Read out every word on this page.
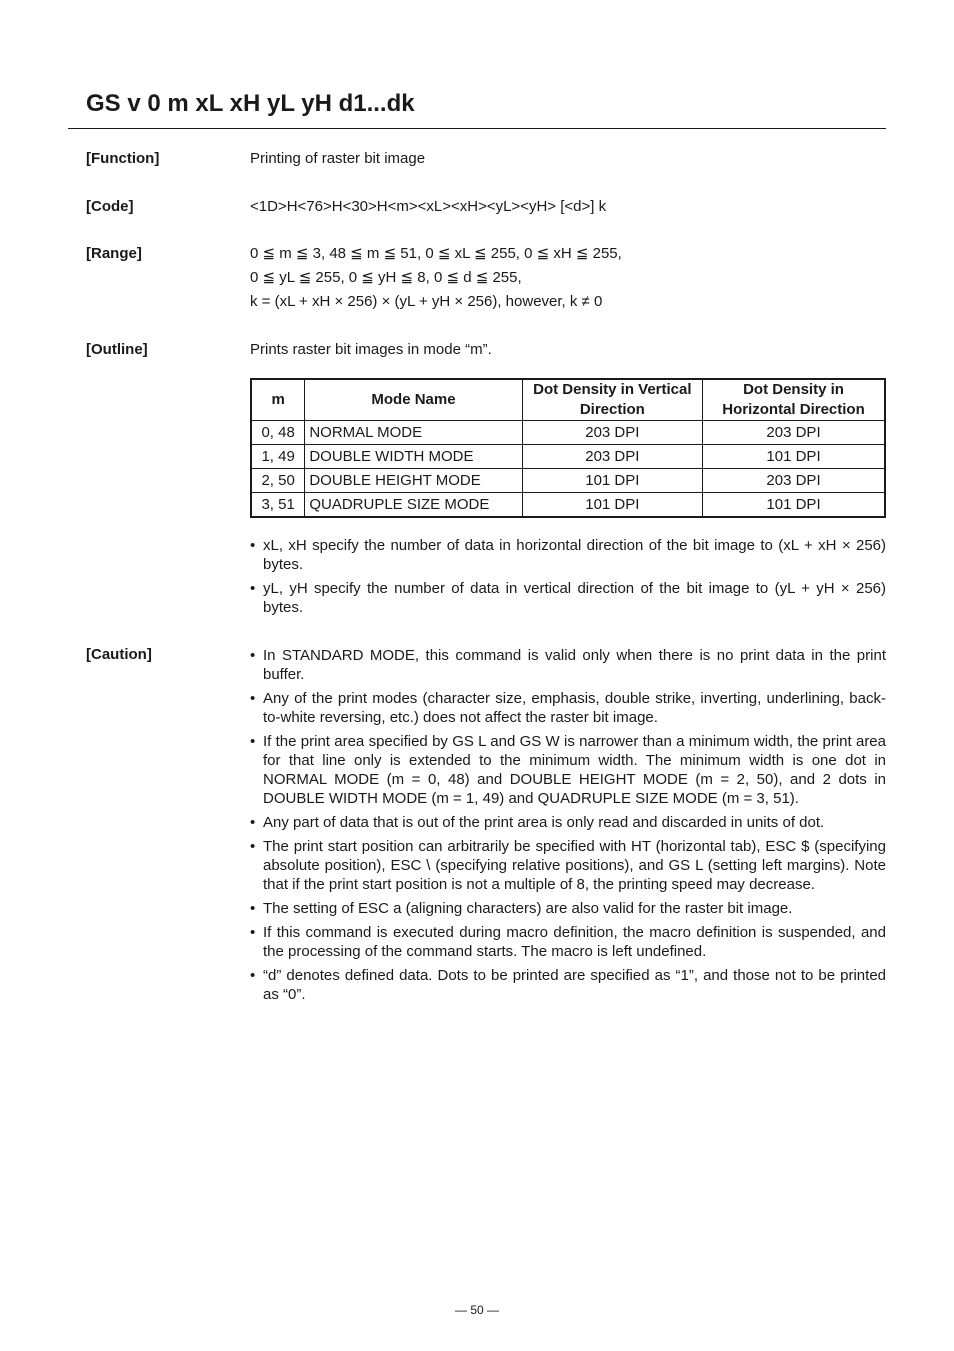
GS v 0 m xL xH yL yH d1...dk
[Function]	Printing of raster bit image
[Code]	<1D>H<76>H<30>H<m><xL><xH><yL><yH> [<d>] k
[Range]	0 ≦ m ≦ 3, 48 ≦ m ≦ 51, 0 ≦ xL ≦ 255, 0 ≦ xH ≦ 255,
0 ≦ yL ≦ 255, 0 ≦ yH ≦ 8, 0 ≦ d ≦ 255,
k = (xL + xH × 256) × (yL + yH × 256), however, k ≠ 0
[Outline]	Prints raster bit images in mode “m”.
m	Mode Name	Dot Density in Vertical Direction	Dot Density in Horizontal Direction
0, 48	NORMAL MODE	203 DPI	203 DPI
1, 49	DOUBLE WIDTH MODE	203 DPI	101 DPI
2, 50	DOUBLE HEIGHT MODE	101 DPI	203 DPI
3, 51	QUADRUPLE SIZE MODE	101 DPI	101 DPI
• xL, xH specify the number of data in horizontal direction of the bit image to (xL + xH × 256) bytes.
• yL, yH specify the number of data in vertical direction of the bit image to (yL + yH × 256) bytes.
[Caution]	• In STANDARD MODE, this command is valid only when there is no print data in the print buffer.
• Any of the print modes (character size, emphasis, double strike, inverting, underlining, back-to-white reversing, etc.) does not affect the raster bit image.
• If the print area specified by GS L and GS W is narrower than a minimum width, the print area for that line only is extended to the minimum width. The minimum width is one dot in NORMAL MODE (m = 0, 48) and DOUBLE HEIGHT MODE (m = 2, 50), and 2 dots in DOUBLE WIDTH MODE (m = 1, 49) and QUADRUPLE SIZE MODE (m = 3, 51).
• Any part of data that is out of the print area is only read and discarded in units of dot.
• The print start position can arbitrarily be specified with HT (horizontal tab), ESC $ (specifying absolute position), ESC \ (specifying relative positions), and GS L (setting left margins). Note that if the print start position is not a multiple of 8, the printing speed may decrease.
• The setting of ESC a (aligning characters) are also valid for the raster bit image.
• If this command is executed during macro definition, the macro definition is suspended, and the processing of the command starts. The macro is left undefined.
• “d” denotes defined data. Dots to be printed are specified as “1”, and those not to be printed as “0”.
— 50 —
